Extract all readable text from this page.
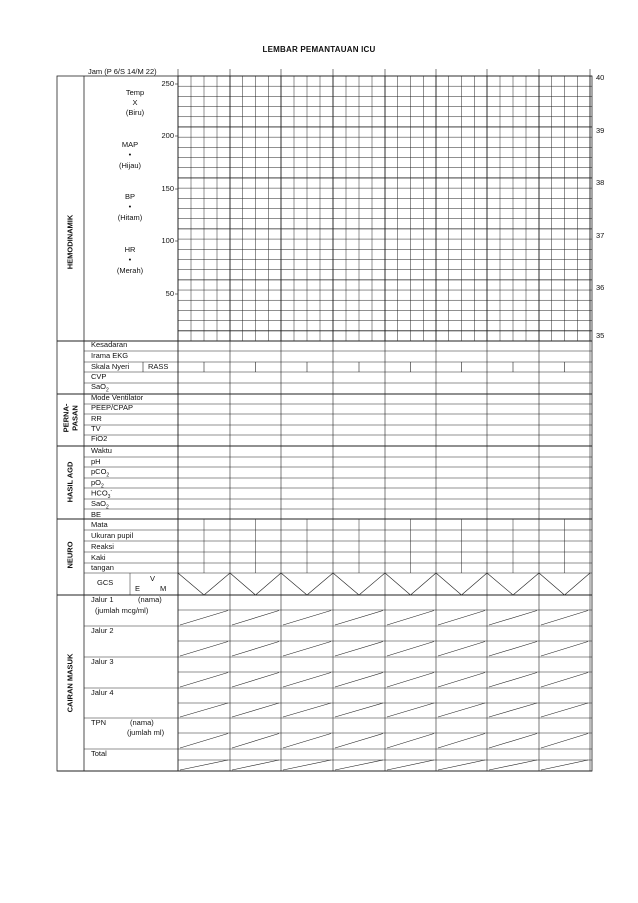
LEMBAR PEMANTAUAN ICU
Jam (P 6/S 14/M 22)
HEMODINAMIK
PERNA-
PASAN
HASIL AGD
NEURO
CAIRAN MASUK
Temp
X
(Biru)
MAP
•
(Hijau)
BP
•
(Hitam)
HR
•
(Merah)
250
200
150
100
50
40
39
38
37
36
35
Kesadaran
Irama EKG
Skala Nyeri RASS
CVP
SaO$_2$
Mode Ventilator
PEEP/CPAP
RR
TV
FiO2
Waktu
pH
pCO$_2$
$pO_2$
$HCO_3^-$
SaO$_2$
BE
Mata
Ukuran pupil
Reaksi
Kaki
tangan
GCS	V
E	M
Jalur 1	(nama)
(jumlah mcg/ml)
Jalur 2
Jalur 3
Jalur 4
TPN	(nama)
(jumlah ml)
Total
